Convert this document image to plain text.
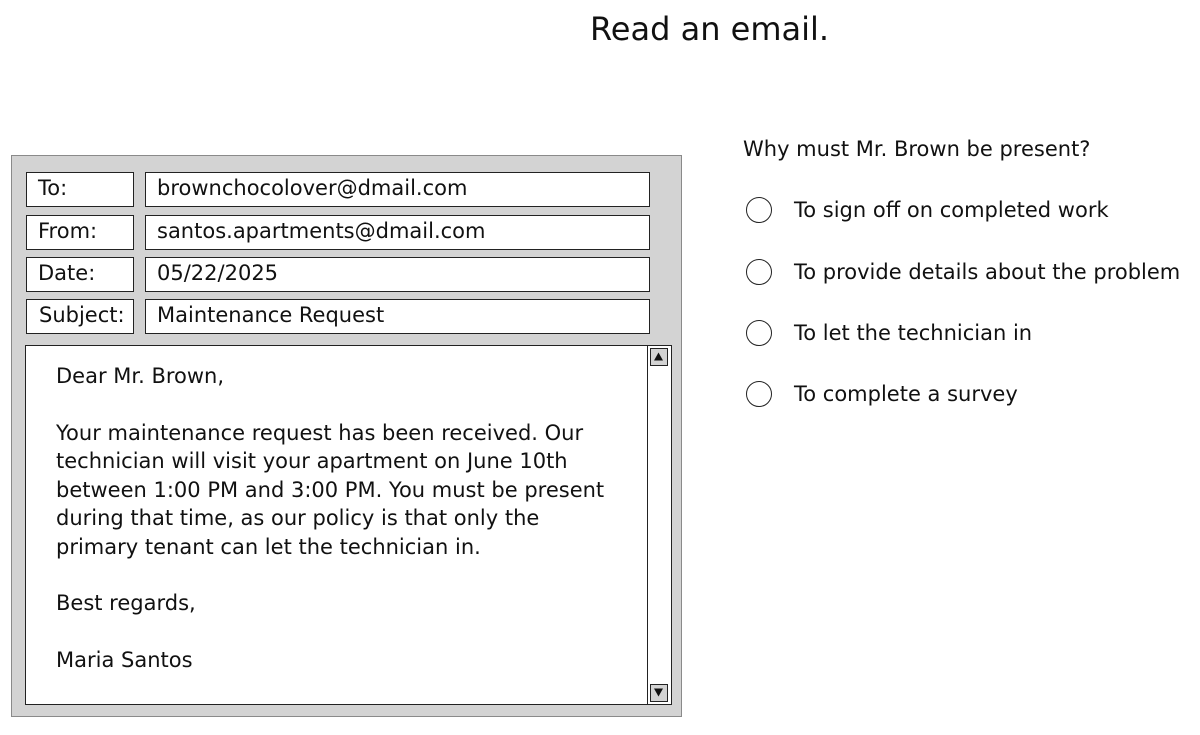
Read an email.
To:	brownchocolover@dmail.com
From:	santos.apartments@dmail.com
Date:	05/22/2025
Subject:	Maintenance Request

Dear Mr. Brown,

Your maintenance request has been received. Our

technician will visit your apartment on June 10th

between 1:00 PM and 3:00 PM. You must be present

during that time, as our policy is that only the

primary tenant can let the technician in.

Best regards,

Maria Santos

Why must Mr. Brown be present?
To sign off on completed work
To provide details about the problem
To let the technician in
To complete a survey
